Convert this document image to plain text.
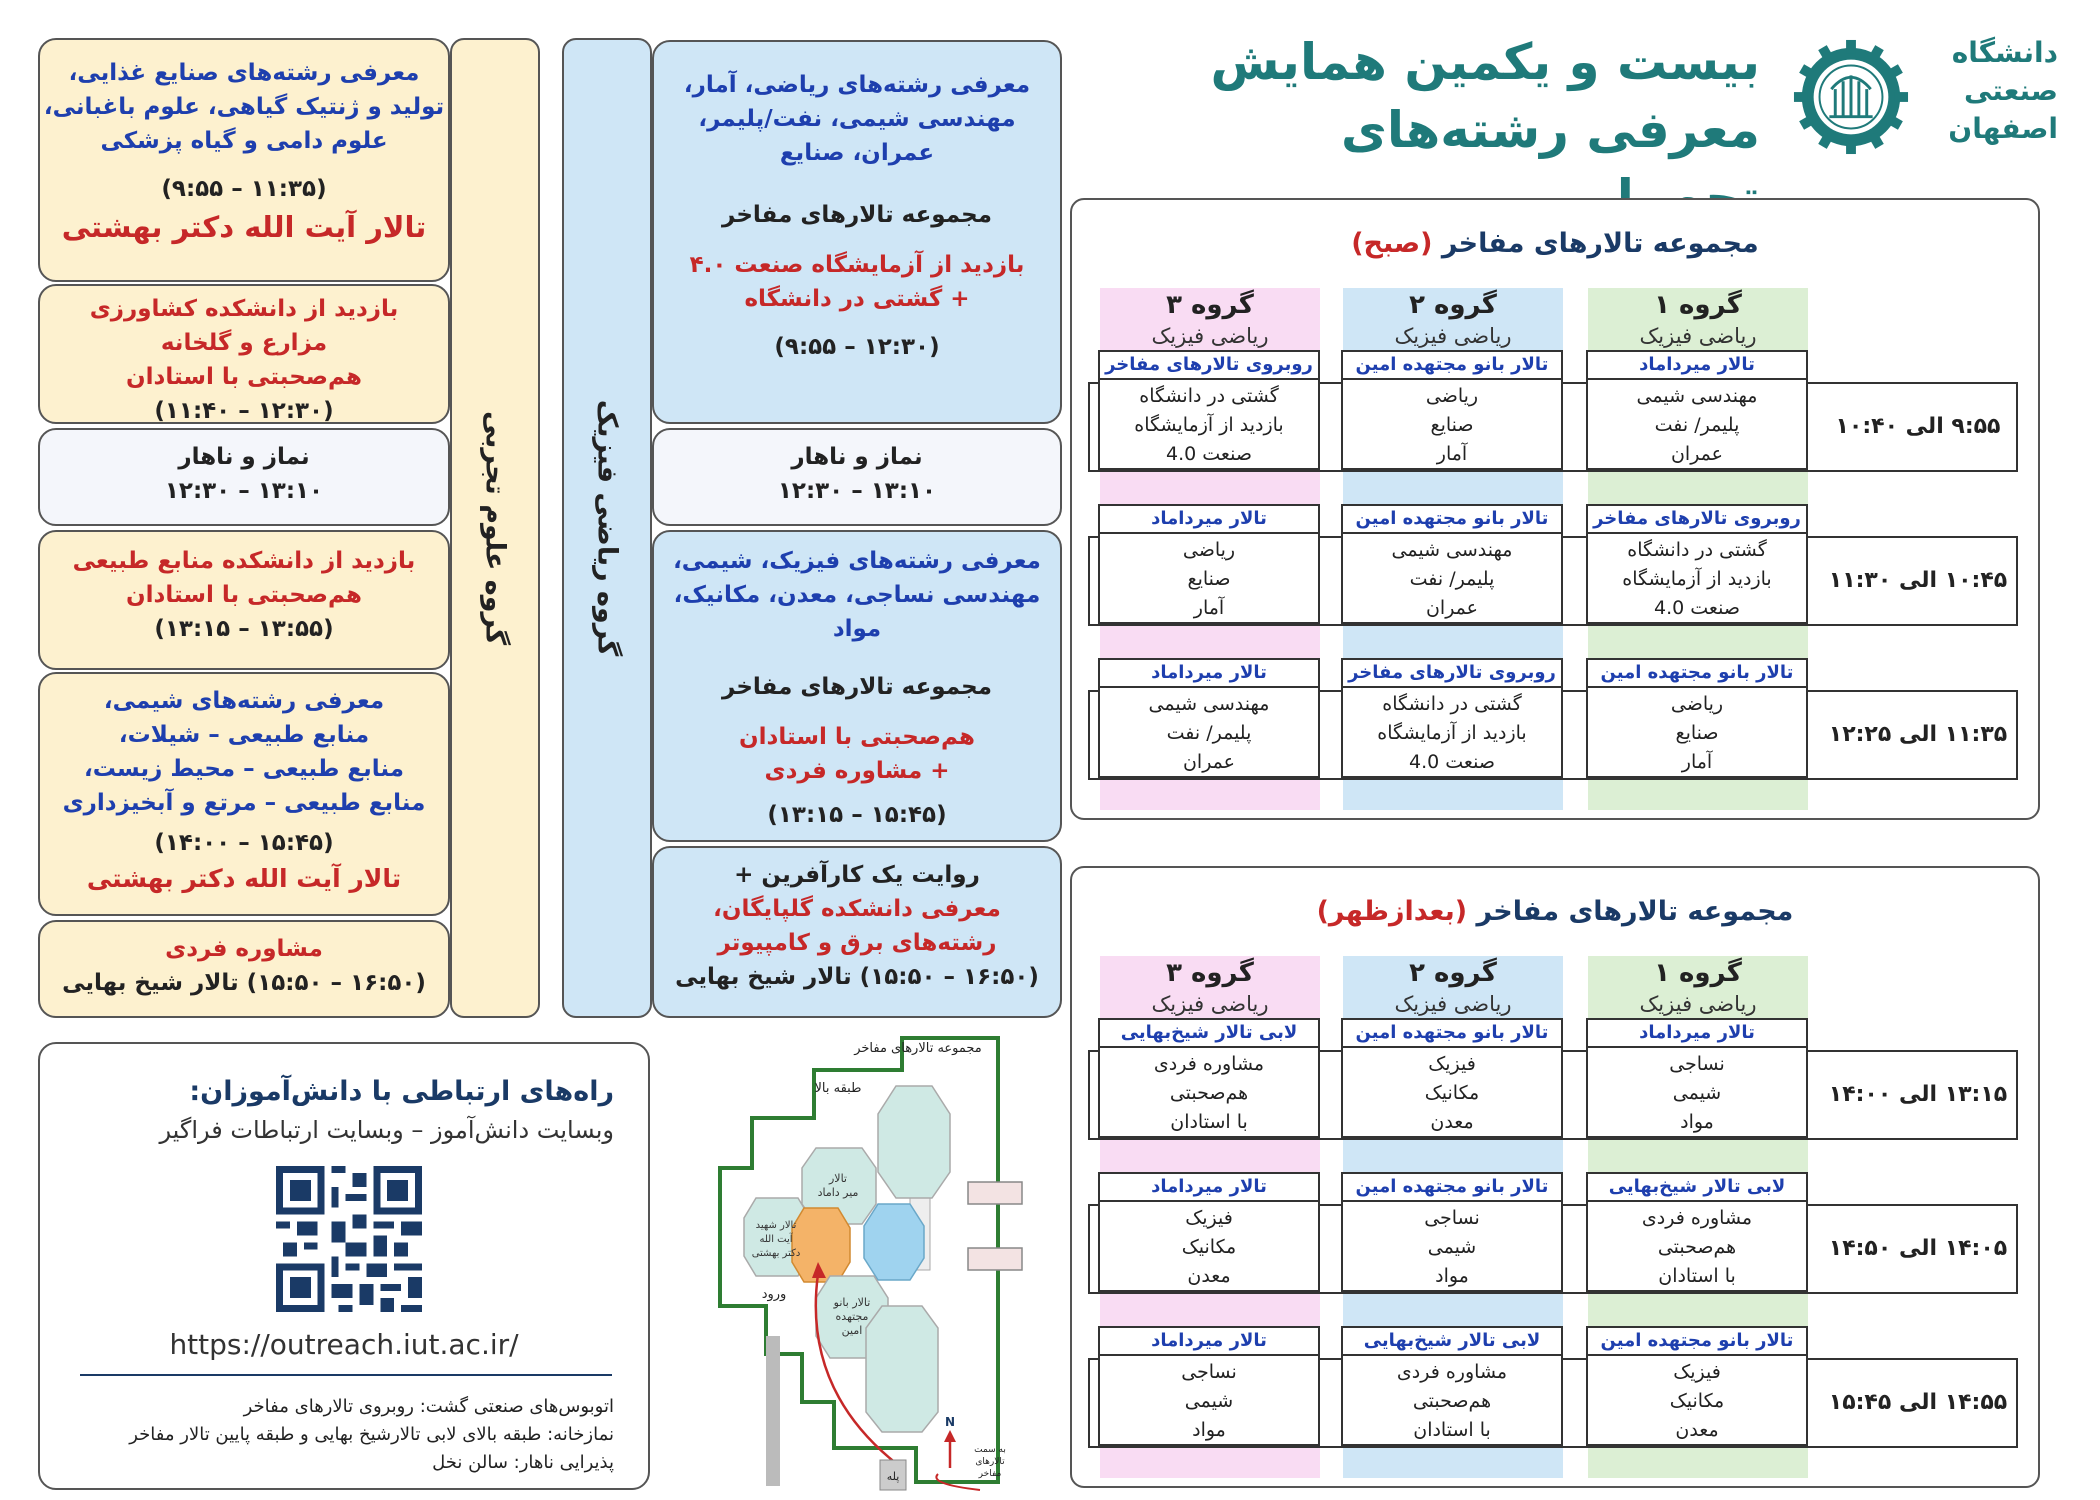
دانشگاه
صنعتی
اصفهان
بیست و یکمین همایش
معرفی رشته‌های
مجموعه تالارهای مفاخر (صبح)
گروه ۱
ریاضی فیزیک
گروه ۲
ریاضی فیزیک
گروه ۳
ریاضی فیزیک
۹:۵۵ الی ۱۰:۴۰
تالار میرداماد
مهندسی شیمی
پلیمر/ نفت
عمران
تالار بانو مجتهده امین
ریاضی
صنایع
آمار
روبروی تالارهای مفاخر
گشتی در دانشگاه
بازدید از آزمایشگاه
صنعت 4.0
۱۰:۴۵ الی ۱۱:۳۰
روبروی تالارهای مفاخر
گشتی در دانشگاه
بازدید از آزمایشگاه
صنعت 4.0
تالار بانو مجتهده امین
مهندسی شیمی
پلیمر/ نفت
عمران
تالار میرداماد
ریاضی
صنایع
آمار
۱۱:۳۵ الی ۱۲:۲۵
تالار بانو مجتهده امین
ریاضی
صنایع
آمار
روبروی تالارهای مفاخر
گشتی در دانشگاه
بازدید از آزمایشگاه
صنعت 4.0
تالار میرداماد
مهندسی شیمی
پلیمر/ نفت
عمران
مجموعه تالارهای مفاخر (بعدازظهر)
گروه ۱
ریاضی فیزیک
گروه ۲
ریاضی فیزیک
گروه ۳
ریاضی فیزیک
۱۳:۱۵ الی ۱۴:۰۰
تالار میرداماد
نساجی
شیمی
مواد
تالار بانو مجتهده امین
فیزیک
مکانیک
معدن
لابی تالار شیخ‌بهایی
مشاوره فردی
هم‌صحبتی
با استادان
۱۴:۰۵ الی ۱۴:۵۰
لابی تالار شیخ‌بهایی
مشاوره فردی
هم‌صحبتی
با استادان
تالار بانو مجتهده امین
نساجی
شیمی
مواد
تالار میرداماد
فیزیک
مکانیک
معدن
۱۴:۵۵ الی ۱۵:۴۵
تالار بانو مجتهده امین
فیزیک
مکانیک
معدن
لابی تالار شیخ‌بهایی
مشاوره فردی
هم‌صحبتی
با استادان
تالار میرداماد
نساجی
شیمی
مواد
گروه ریاضی فیزیک
معرفی رشته‌های ریاضی، آمار،
مهندسی شیمی، نفت/پلیمر،
عمران، صنایع
مجموعه تالارهای مفاخر
بازدید از آزمایشگاه صنعت ۴.۰
+ گشتی در دانشگاه
(۱۲:۳۰ – ۹:۵۵)
نماز و ناهار
۱۳:۱۰ – ۱۲:۳۰
معرفی رشته‌های فیزیک، شیمی،
مهندسی نساجی، معدن، مکانیک، مواد
مجموعه تالارهای مفاخر
هم‌صحبتی با استادان
+ مشاوره فردی
(۱۵:۴۵ – ۱۳:۱۵)
روایت یک کارآفرین +
معرفی دانشکده گلپایگان،
رشته‌های برق و کامپیوتر
(۱۶:۵۰ – ۱۵:۵۰) تالار شیخ بهایی
گروه علوم تجربی
معرفی رشته‌های صنایع غذایی،
تولید و ژنتیک گیاهی، علوم باغبانی،
علوم دامی و گیاه پزشکی
(۱۱:۳۵ – ۹:۵۵)
تالار آیت الله دکتر بهشتی
بازدید از دانشکده کشاورزی
مزارع و گلخانه
هم‌صحبتی با استادان
(۱۲:۳۰ – ۱۱:۴۰)
نماز و ناهار
۱۳:۱۰ – ۱۲:۳۰
بازدید از دانشکده منابع طبیعی
هم‌صحبتی با استادان
(۱۳:۵۵ – ۱۳:۱۵)
معرفی رشته‌های شیمی،
منابع طبیعی – شیلات،
منابع طبیعی – محیط زیست،
منابع طبیعی – مرتع و آبخیزداری
(۱۵:۴۵ – ۱۴:۰۰)
تالار آیت الله دکتر بهشتی
مشاوره فردی
(۱۶:۵۰ – ۱۵:۵۰) تالار شیخ بهایی
راه‌های ارتباطی با دانش‌آموزان:
وبسایت دانش‌آموز – وبسایت ارتباطات فراگیر
https://outreach.iut.ac.ir/
اتوبوس‌های صنعتی گشت: روبروی تالارهای مفاخر
نمازخانه: طبقه بالای لابی تالارشیخ بهایی و طبقه پایین تالار مفاخر
پذیرایی ناهار: سالن نخل
مجموعه تالارهای مفاخر
طبقه بالا
تالار
میر داماد
تالار شهید
آیت الله
دکتر بهشتی
تالار بانو
مجتهده
امین
ورود
پله
N
به سمت
تالارهای
مفاخر
